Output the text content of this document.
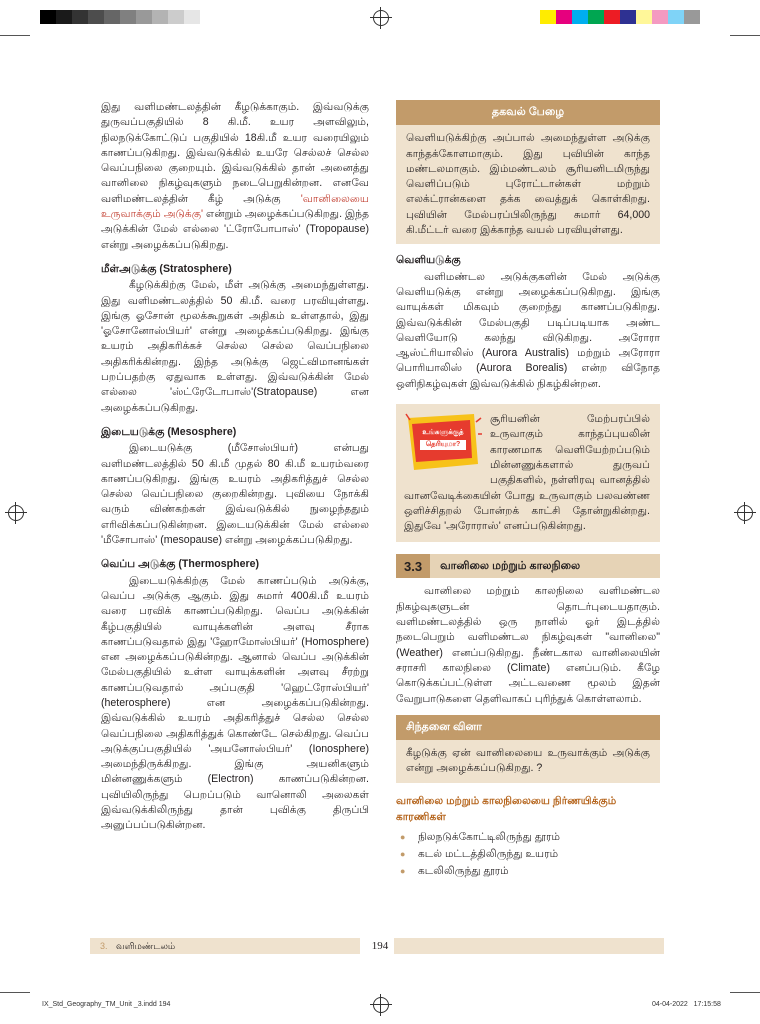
இது வளிமண்டலத்தின் கீழடுக்காகும். இவ்வடுக்கு துருவப்பகுதியில் 8 கி.மீ. உயர அளவிலும், நிலநடுக்கோட்டுப் பகுதியில் 18கி.மீ உயர வரையிலும் காணப்படுகிறது. இவ்வடுக்கில் உயரே செல்லச் செல்ல வெப்பநிலை குறையும். இவ்வடுக்கில் தான் அனைத்து வானிலை நிகழ்வுகளும் நடைபெறுகின்றன. எனவே வளிமண்டலத்தின் கீழ் அடுக்கு 'வானிலையை உருவாக்கும் அடுக்கு' என்றும் அழைக்கப்படுகிறது. இந்த அடுக்கின் மேல் எல்லை 'ட்ரோபோபாஸ்' (Tropopause) என்று அழைக்கப்படுகிறது.

மீள்அடுக்கு (Stratosphere)

கீழடுக்கிற்கு மேல், மீள் அடுக்கு அமைந்துள்ளது. இது வளிமண்டலத்தில் 50 கி.மீ. வரை பரவியுள்ளது. இங்கு ஓசோன் மூலக்கூறுகள் அதிகம் உள்ளதால், இது 'ஓசோனோஸ்பியர்' என்று அழைக்கப்படுகிறது. இங்கு உயரம் அதிகரிக்கச் செல்ல செல்ல வெப்பநிலை அதிகரிக்கின்றது. இந்த அடுக்கு ஜெட்விமானங்கள் பறப்பதற்கு ஏதுவாக உள்ளது. இவ்வடுக்கின் மேல் எல்லை 'ஸ்ட்ரேடோபாஸ்'(Stratopause) என அழைக்கப்படுகிறது.

இடையடுக்கு (Mesosphere)

இடையடுக்கு (மீசோஸ்பியர்) என்பது வளிமண்டலத்தில் 50 கி.மீ முதல் 80 கி.மீ உயரம்வரை காணப்படுகிறது. இங்கு உயரம் அதிகரித்துச் செல்ல செல்ல வெப்பநிலை குறைகின்றது. புவியை நோக்கி வரும் விண்கற்கள் இவ்வடுக்கில் நுழைந்ததும் எரிவிக்கப்படுகின்றன. இடையடுக்கின் மேல் எல்லை 'மீசோபாஸ்' (mesopause) என்று அழைக்கப்படுகிறது.

வெப்ப அடுக்கு (Thermosphere)

இடையடுக்கிற்கு மேல் காணப்படும் அடுக்கு, வெப்ப அடுக்கு ஆகும். இது சுமார் 400கி.மீ உயரம் வரை பரவிக் காணப்படுகிறது. வெப்ப அடுக்கின் கீழ்பகுதியில் வாயுக்களின் அளவு சீராக காணப்படுவதால் இது 'ஹோமோஸ்பியர்' (Homosphere) என அழைக்கப்படுகின்றது. ஆனால் வெப்ப அடுக்கின் மேல்பகுதியில் உள்ள வாயுக்களின் அளவு சீரற்று காணப்படுவதால் அப்பகுதி 'ஹெட்ரோஸ்பியர்' (heterosphere) என அழைக்கப்படுகின்றது. இவ்வடுக்கில் உயரம் அதிகரித்துச் செல்ல செல்ல வெப்பநிலை அதிகரித்துக் கொண்டே செல்கிறது. வெப்ப அடுக்குப்பகுதியில் 'அயனோஸ்பியர்' (Ionosphere) அமைந்திருக்கிறது. இங்கு அயனிகளும் மின்னணுக்களும் (Electron) காணப்படுகின்றன. புவியிலிருந்து பெறப்படும் வானொலி அலைகள் இவ்வடுக்கிலிருந்து தான் புவிக்கு திருப்பி அனுப்பப்படுகின்றன.

தகவல் பேழை
வெளியடுக்கிற்கு அப்பால் அமைந்துள்ள அடுக்கு காந்தக்கோளமாகும். இது புவியின் காந்த மண்டலமாகும். இம்மண்டலம் சூரியனிடமிருந்து வெளிப்படும் புரோட்டான்கள் மற்றும் எலக்ட்ரான்களை தக்க வைத்துக் கொள்கிறது. புவியின் மேல்பரப்பிலிருந்து சுமார் 64,000 கி.மீட்டர் வரை இக்காந்த வயல் பரவியுள்ளது.
வெளியடுக்கு

வளிமண்டல அடுக்குகளின் மேல் அடுக்கு வெளியடுக்கு என்று அழைக்கப்படுகிறது. இங்கு வாயுக்கள் மிகவும் குறைந்து காணப்படுகிறது. இவ்வடுக்கின் மேல்பகுதி படிப்படியாக அண்ட வெளியோடு கலந்து விடுகிறது. அரோரா ஆஸ்ட்ரியாலிஸ் (Aurora Australis) மற்றும் அரோரா பொரியாலிஸ் (Aurora Borealis) என்ற விநோத ஒளிநிகழ்வுகள் இவ்வடுக்கில் நிகழ்கின்றன.

உங்களுக்குத்
தெரியுமா?
சூரியனின் மேற்பரப்பில் உருவாகும் காந்தப்புயலின் காரணமாக வெளியேற்றப்படும் மின்னணுக்களால் துருவப் பகுதிகளில், நள்ளிரவு வானத்தில் வானவேடிக்கையின் போது உருவாகும் பலவண்ண ஒளிச்சிதறல் போன்றக் காட்சி தோன்றுகின்றது. இதுவே 'அரோராஸ்' எனப்படுகின்றது.
3.3	வானிலை மற்றும் காலநிலை

வானிலை மற்றும் காலநிலை வளிமண்டல நிகழ்வுகளுடன் தொடர்புடையதாகும். வளிமண்டலத்தில் ஒரு நாளில் ஓர் இடத்தில் நடைபெறும் வளிமண்டல நிகழ்வுகள் "வானிலை" (Weather) எனப்படுகிறது. நீண்டகால வானிலையின் சராசரி காலநிலை (Climate) எனப்படும். கீழே கொடுக்கப்பட்டுள்ள அட்டவணை மூலம் இதன் வேறுபாடுகளை தெளிவாகப் புரிந்துக் கொள்ளலாம்.

சிந்தனை வினா
கீழடுக்கு ஏன் வானிலையை உருவாக்கும் அடுக்கு என்று அழைக்கப்படுகிறது. ?
வானிலை மற்றும் காலநிலையை நிர்ணயிக்கும் காரணிகள்
● நிலநடுக்கோட்டிலிருந்து தூரம்
● கடல் மட்டத்திலிருந்து உயரம்
● கடலிலிருந்து தூரம்
3. வளிமண்டலம்	194
IX_Std_Geography_TM_Unit _3.indd 194	04-04-2022 17:15:58
